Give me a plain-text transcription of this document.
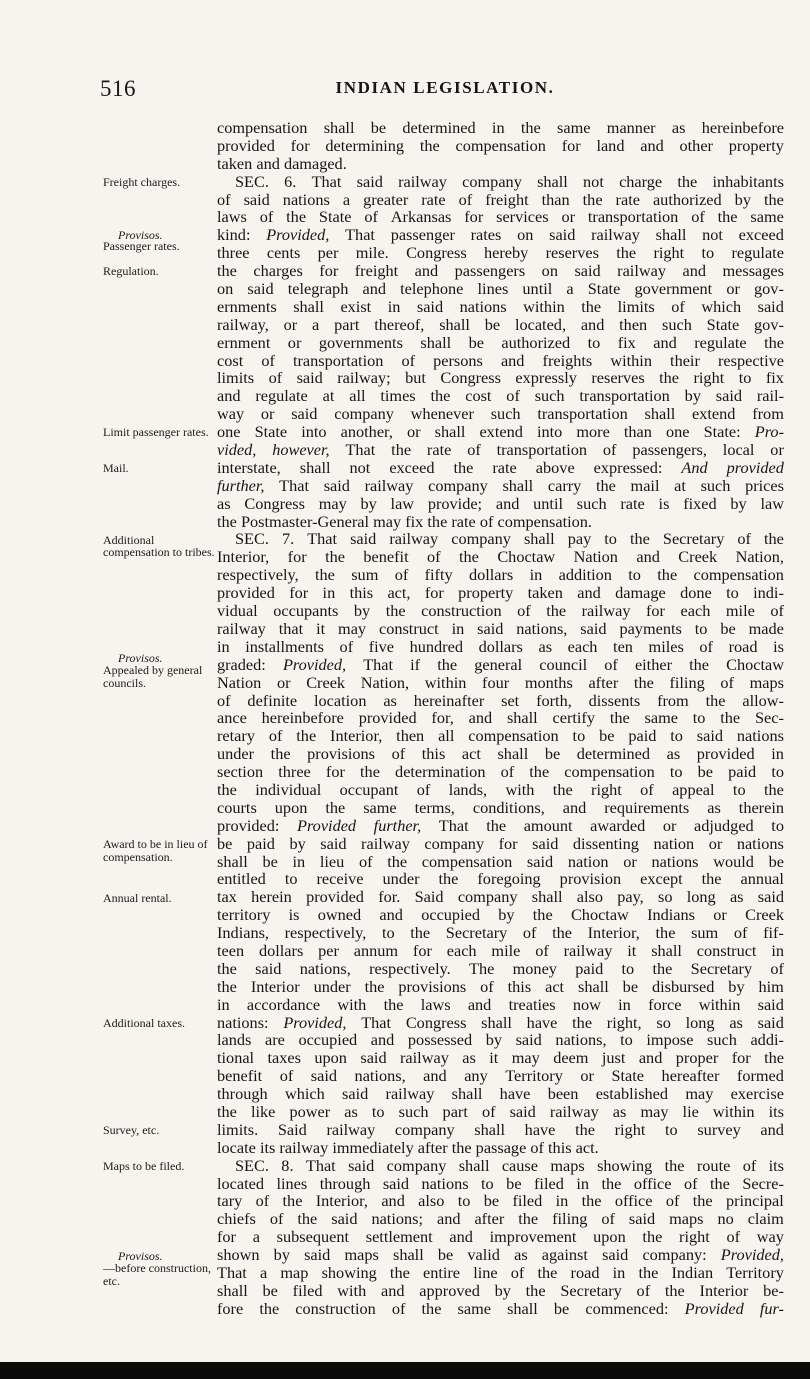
516	INDIAN LEGISLATION.
Freight charges.
Provisos.
Passenger rates.
Regulation.
Limit passenger rates.
Mail.
Additional compensation to tribes.
Provisos.
Appealed by general councils.
Award to be in lieu of compensation.
Annual rental.
Additional taxes.
Survey, etc.
Maps to be filed.
Provisos.
—before construction, etc.
compensation shall be determined in the same manner as hereinbefore
provided for determining the compensation for land and other property
taken
and
damaged.
SEC. 6. That said railway company shall not charge the inhabitants
of said nations a greater rate of freight than the rate authorized by the
laws of the State of Arkansas for services or transportation of the same
kind: Provided, That passenger rates on said railway shall not exceed
three cents per mile. Congress hereby reserves the right to regulate
the charges for freight and passengers on said railway and messages
on said telegraph and telephone lines until a State government or gov-
ernments shall exist in said nations within the limits of which said
railway, or a part thereof, shall be located, and then such State gov-
ernment or governments shall be authorized to fix and regulate the
cost of transportation of persons and freights within their respective
limits of said railway; but Congress expressly reserves the right to fix
and regulate at all times the cost of such transportation by said rail-
way or said company whenever such transportation shall extend from
one State into another, or shall extend into more than one State: Pro-
vided, however, That the rate of transportation of passengers, local or
interstate, shall not exceed the rate above expressed: And provided
further, That said railway company shall carry the mail at such prices
as Congress may by law provide; and until such rate is fixed by law
the
Postmaster-General
may
fix
the
rate
of
compensation.
SEC. 7. That said railway company shall pay to the Secretary of the
Interior, for the benefit of the Choctaw Nation and Creek Nation,
respectively, the sum of fifty dollars in addition to the compensation
provided for in this act, for property taken and damage done to indi-
vidual occupants by the construction of the railway for each mile of
railway that it may construct in said nations, said payments to be made
in installments of five hundred dollars as each ten miles of road is
graded: Provided, That if the general council of either the Choctaw
Nation or Creek Nation, within four months after the filing of maps
of definite location as hereinafter set forth, dissents from the allow-
ance hereinbefore provided for, and shall certify the same to the Sec-
retary of the Interior, then all compensation to be paid to said nations
under the provisions of this act shall be determined as provided in
section three for the determination of the compensation to be paid to
the individual occupant of lands, with the right of appeal to the
courts upon the same terms, conditions, and requirements as therein
provided: Provided further, That the amount awarded or adjudged to
be paid by said railway company for said dissenting nation or nations
shall be in lieu of the compensation said nation or nations would be
entitled to receive under the foregoing provision except the annual
tax herein provided for. Said company shall also pay, so long as said
territory is owned and occupied by the Choctaw Indians or Creek
Indians, respectively, to the Secretary of the Interior, the sum of fif-
teen dollars per annum for each mile of railway it shall construct in
the said nations, respectively. The money paid to the Secretary of
the Interior under the provisions of this act shall be disbursed by him
in accordance with the laws and treaties now in force within said
nations: Provided, That Congress shall have the right, so long as said
lands are occupied and possessed by said nations, to impose such addi-
tional taxes upon said railway as it may deem just and proper for the
benefit of said nations, and any Territory or State hereafter formed
through which said railway shall have been established may exercise
the like power as to such part of said railway as may lie within its
limits. Said railway company shall have the right to survey and
locate
its
railway
immediately
after
the
passage
of
this
act.
SEC. 8. That said company shall cause maps showing the route of its
located lines through said nations to be filed in the office of the Secre-
tary of the Interior, and also to be filed in the office of the principal
chiefs of the said nations; and after the filing of said maps no claim
for a subsequent settlement and improvement upon the right of way
shown by said maps shall be valid as against said company: Provided,
That a map showing the entire line of the road in the Indian Territory
shall be filed with and approved by the Secretary of the Interior be-
fore the construction of the same shall be commenced: Provided fur-
